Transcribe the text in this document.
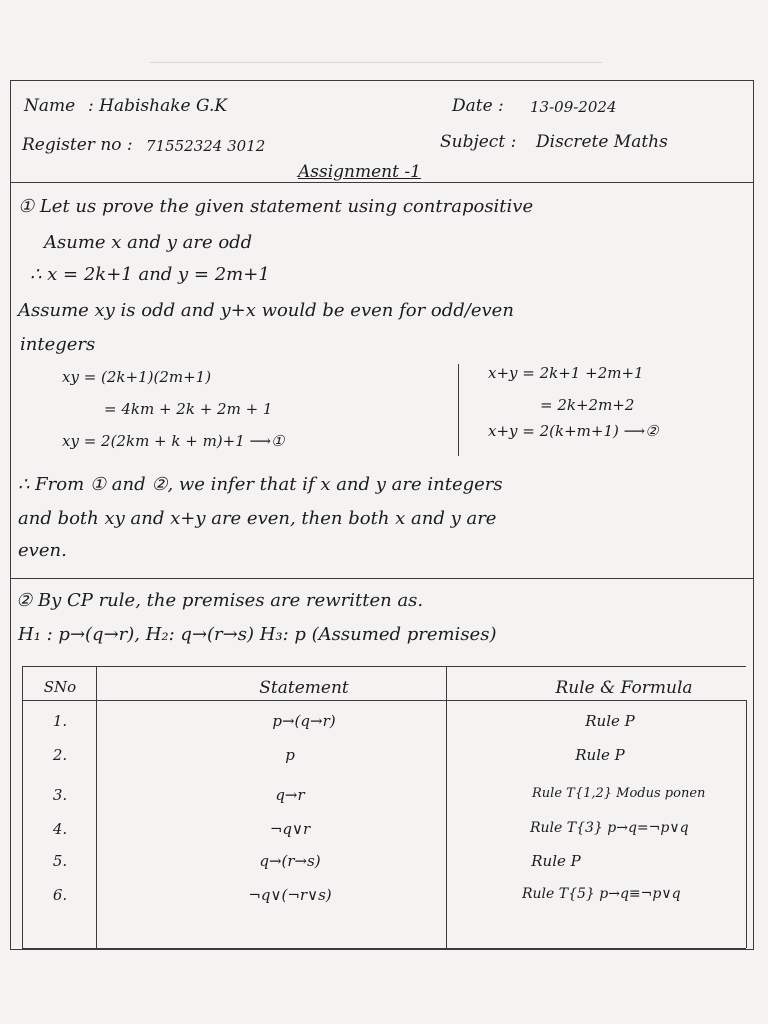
Name : Habishake G.K	Date : 13-09-2024
Register no : 71552324 3012	Subject : Discrete Maths
Assignment -1
① Let us prove the given statement using contrapositive
Asume x and y are odd
∴ x = 2k+1 and y = 2m+1
Assume xy is odd and y+x would be even for odd/even
integers
xy = (2k+1)(2m+1)
= 4km + 2k + 2m + 1
xy = 2(2km + k + m)+1 ⟶①
x+y = 2k+1 +2m+1
= 2k+2m+2
x+y = 2(k+m+1) ⟶②
∴ From ① and ②, we infer that if x and y are integers
and both xy and x+y are even, then both x and y are
even.
② By CP rule, the premises are rewritten as.
H₁ : p→(q→r), H₂: q→(r→s) H₃: p (Assumed premises)
SNo	Statement	Rule & Formula
1.	p→(q→r)	Rule P
2.	p	Rule P
3.	q→r	Rule T{1,2} Modus ponen
4.	¬q∨r	Rule T{3} p→q=¬p∨q
5.	q→(r→s)	Rule P
6.	¬q∨(¬r∨s)	Rule T{5} p→q≡¬p∨q
